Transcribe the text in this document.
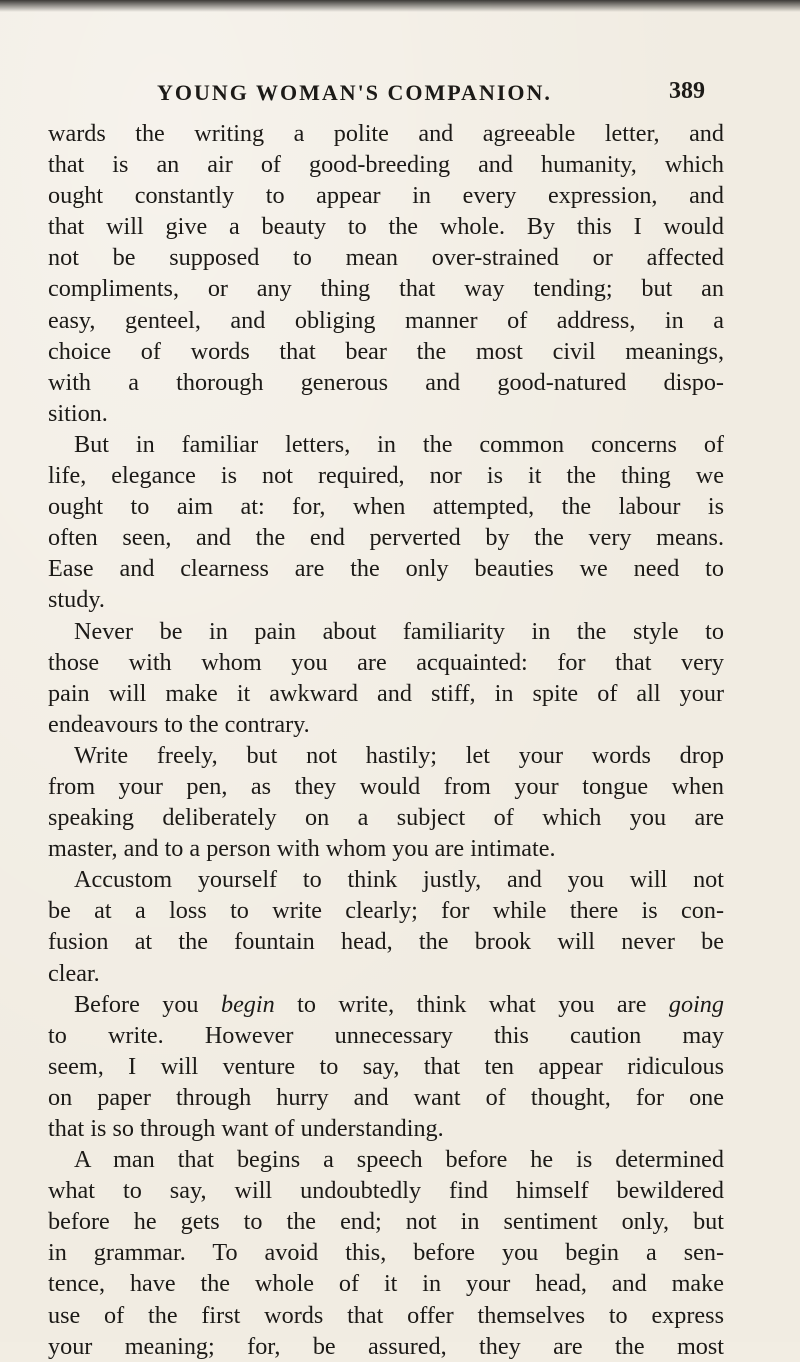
YOUNG WOMAN'S COMPANION.	389
wards the writing a polite and agreeable letter, and
that is an air of good-breeding and humanity, which
ought constantly to appear in every expression, and
that will give a beauty to the whole. By this I would
not be supposed to mean over-strained or affected
compliments, or any thing that way tending; but an
easy, genteel, and obliging manner of address, in a
choice of words that bear the most civil meanings,
with a thorough generous and good-natured dispo-
sition.
But in familiar letters, in the common concerns of
life, elegance is not required, nor is it the thing we
ought to aim at: for, when attempted, the labour is
often seen, and the end perverted by the very means.
Ease and clearness are the only beauties we need to
study.
Never be in pain about familiarity in the style to
those with whom you are acquainted: for that very
pain will make it awkward and stiff, in spite of all your
endeavours to the contrary.
Write freely, but not hastily; let your words drop
from your pen, as they would from your tongue when
speaking deliberately on a subject of which you are
master, and to a person with whom you are intimate.
Accustom yourself to think justly, and you will not
be at a loss to write clearly; for while there is con-
fusion at the fountain head, the brook will never be
clear.
Before you begin to write, think what you are going
to write. However unnecessary this caution may
seem, I will venture to say, that ten appear ridiculous
on paper through hurry and want of thought, for one
that is so through want of understanding.
A man that begins a speech before he is determined
what to say, will undoubtedly find himself bewildered
before he gets to the end; not in sentiment only, but
in grammar. To avoid this, before you begin a sen-
tence, have the whole of it in your head, and make
use of the first words that offer themselves to express
your meaning; for, be assured, they are the most
